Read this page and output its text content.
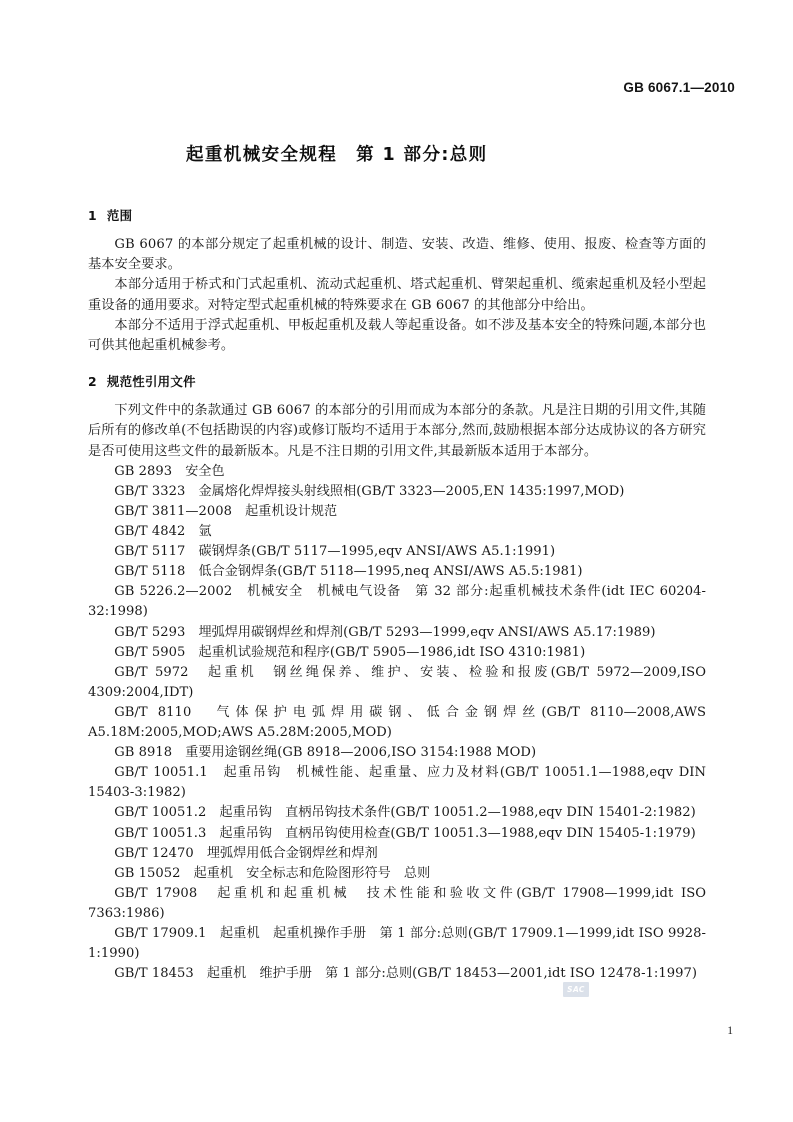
GB 6067.1—2010
起重机械安全规程　第 1 部分:总则
1 范围

GB 6067 的本部分规定了起重机械的设计、制造、安装、改造、维修、使用、报废、检查等方面的基本安全要求。

本部分适用于桥式和门式起重机、流动式起重机、塔式起重机、臂架起重机、缆索起重机及轻小型起重设备的通用要求。对特定型式起重机械的特殊要求在 GB 6067 的其他部分中给出。

本部分不适用于浮式起重机、甲板起重机及载人等起重设备。如不涉及基本安全的特殊问题,本部分也可供其他起重机械参考。

2 规范性引用文件

下列文件中的条款通过 GB 6067 的本部分的引用而成为本部分的条款。凡是注日期的引用文件,其随后所有的修改单(不包括勘误的内容)或修订版均不适用于本部分,然而,鼓励根据本部分达成协议的各方研究是否可使用这些文件的最新版本。凡是不注日期的引用文件,其最新版本适用于本部分。

GB 2893　安全色
GB/T 3323　金属熔化焊焊接头射线照相(GB/T 3323—2005,EN 1435:1997,MOD)
GB/T 3811—2008　起重机设计规范
GB/T 4842　氩
GB/T 5117　碳钢焊条(GB/T 5117—1995,eqv ANSI/AWS A5.1:1991)
GB/T 5118　低合金钢焊条(GB/T 5118—1995,neq ANSI/AWS A5.5:1981)
GB 5226.2—2002　机械安全　机械电气设备　第 32 部分:起重机械技术条件(idt IEC 60204-32:1998)
GB/T 5293　埋弧焊用碳钢焊丝和焊剂(GB/T 5293—1999,eqv ANSI/AWS A5.17:1989)
GB/T 5905　起重机试验规范和程序(GB/T 5905—1986,idt ISO 4310:1981)
GB/T 5972　起重机　钢丝绳保养、维护、安装、检验和报废(GB/T 5972—2009,ISO 4309:2004,IDT)
GB/T 8110　气体保护电弧焊用碳钢、低合金钢焊丝(GB/T 8110—2008,AWS A5.18M:2005,MOD;AWS A5.28M:2005,MOD)
GB 8918　重要用途钢丝绳(GB 8918—2006,ISO 3154:1988 MOD)
GB/T 10051.1　起重吊钩　机械性能、起重量、应力及材料(GB/T 10051.1—1988,eqv DIN 15403-3:1982)
GB/T 10051.2　起重吊钩　直柄吊钩技术条件(GB/T 10051.2—1988,eqv DIN 15401-2:1982)
GB/T 10051.3　起重吊钩　直柄吊钩使用检查(GB/T 10051.3—1988,eqv DIN 15405-1:1979)
GB/T 12470　埋弧焊用低合金钢焊丝和焊剂
GB 15052　起重机　安全标志和危险图形符号　总则
GB/T 17908　起重机和起重机械　技术性能和验收文件(GB/T 17908—1999,idt ISO 7363:1986)
GB/T 17909.1　起重机　起重机操作手册　第 1 部分:总则(GB/T 17909.1—1999,idt ISO 9928-1:1990)
GB/T 18453　起重机　维护手册　第 1 部分:总则(GB/T 18453—2001,idt ISO 12478-1:1997)
SAC
1
